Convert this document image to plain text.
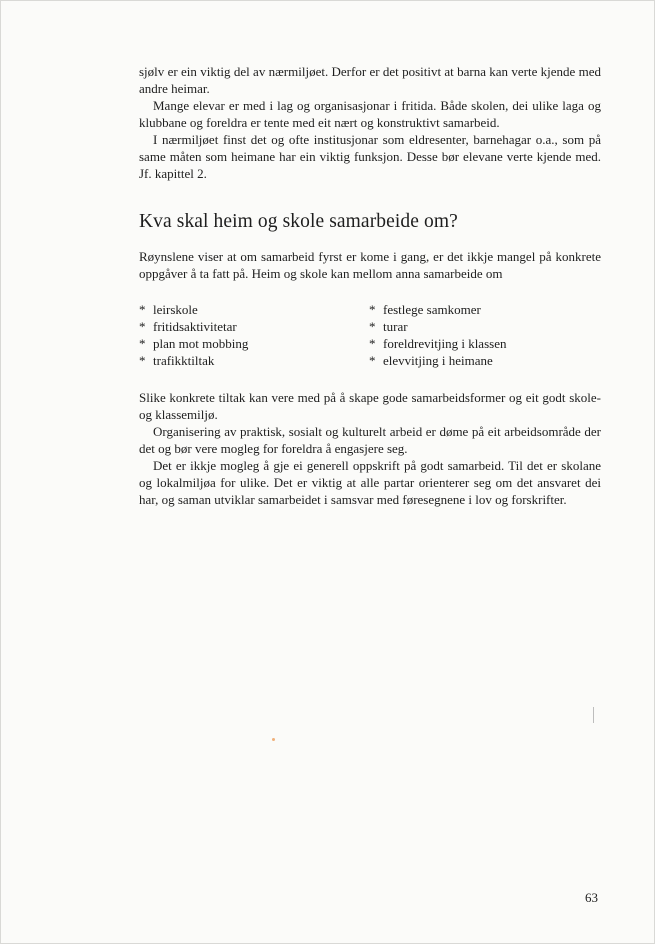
sjølv er ein viktig del av nærmiljøet. Derfor er det positivt at barna kan verte kjende med andre heimar.

Mange elevar er med i lag og organisasjonar i fritida. Både skolen, dei ulike laga og klubbane og foreldra er tente med eit nært og konstruktivt samarbeid.

I nærmiljøet finst det og ofte institusjonar som eldresenter, barnehagar o.a., som på same måten som heimane har ein viktig funksjon. Desse bør elevane verte kjende med. Jf. kapittel 2.

Kva skal heim og skole samarbeide om?

Røynslene viser at om samarbeid fyrst er kome i gang, er det ikkje mangel på konkrete oppgåver å ta fatt på. Heim og skole kan mellom anna samarbeide om

* leirskole
* fritidsaktivitetar
* plan mot mobbing
* trafikktiltak
* festlege samkomer
* turar
* foreldrevitjing i klassen
* elevvitjing i heimane

Slike konkrete tiltak kan vere med på å skape gode samarbeidsformer og eit godt skole- og klassemiljø.

Organisering av praktisk, sosialt og kulturelt arbeid er døme på eit arbeidsområde der det og bør vere mogleg for foreldra å engasjere seg.

Det er ikkje mogleg å gje ei generell oppskrift på godt samarbeid. Til det er skolane og lokalmiljøa for ulike. Det er viktig at alle partar orienterer seg om det ansvaret dei har, og saman utviklar samarbeidet i samsvar med føresegnene i lov og forskrifter.

63
